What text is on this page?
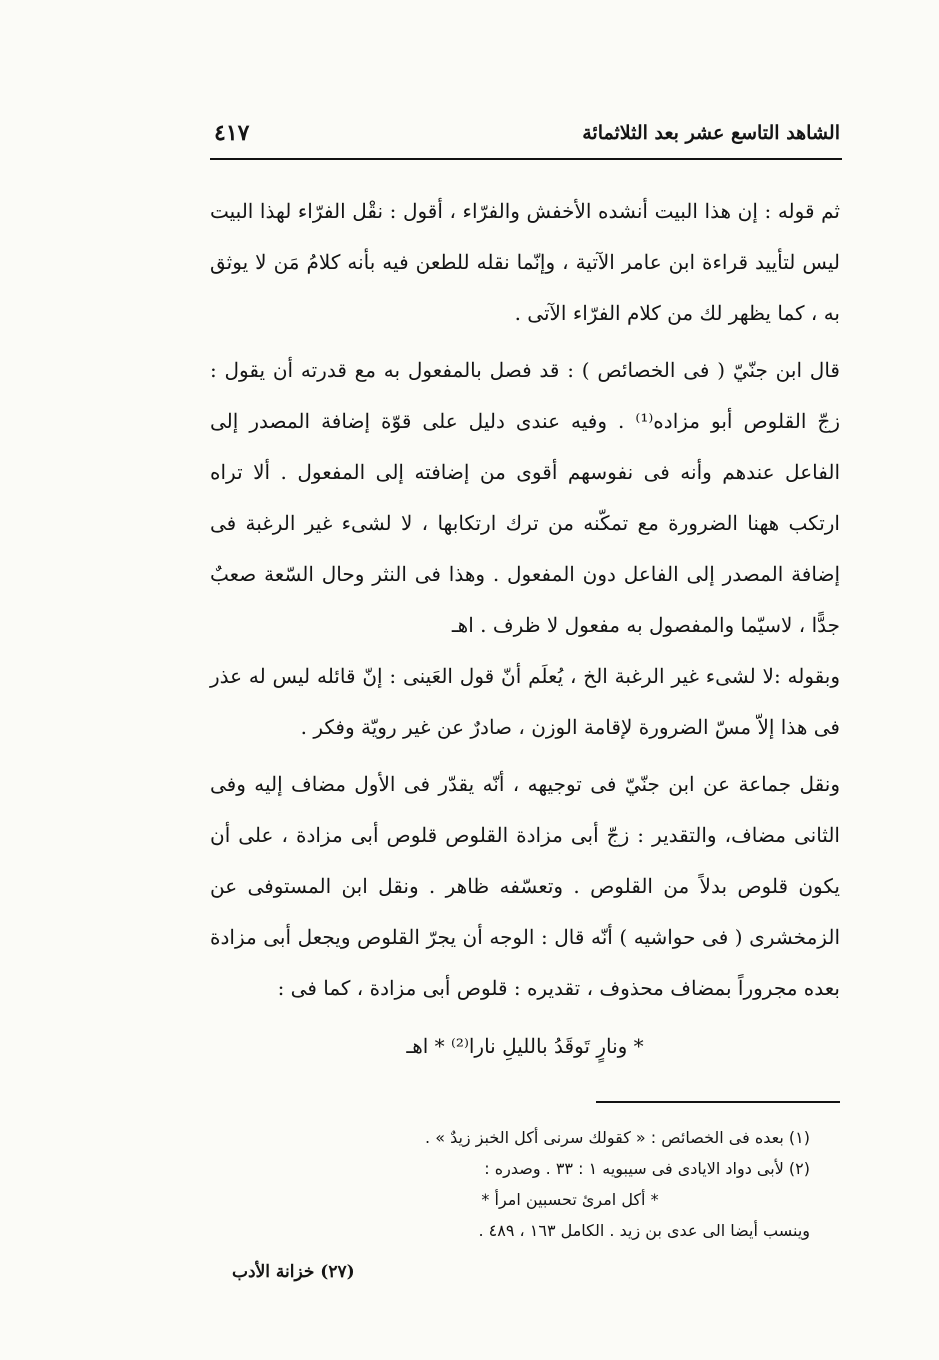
الشاهد التاسع عشر بعد الثلاثمائة
٤١٧

ثم قوله : إن هذا البيت أنشده الأخفش والفرّاء ، أقول : نقْل الفرّاء لهذا البيت ليس لتأييد قراءة ابن عامر الآتية ، وإنّما نقله للطعن فيه بأنه كلامُ مَن لا يوثق به ، كما يظهر لك من كلام الفرّاء الآتى .

قال ابن جنّيّ ( فى الخصائص ) : قد فصل بالمفعول به مع قدرته أن يقول : زجّ القلوص أبو مزاده⁽¹⁾ . وفيه عندى دليل على قوّة إضافة المصدر إلى الفاعل عندهم وأنه فى نفوسهم أقوى من إضافته إلى المفعول . ألا تراه ارتكب ههنا الضرورة مع تمكّنه من ترك ارتكابها ، لا لشىء غير الرغبة فى إضافة المصدر إلى الفاعل دون المفعول . وهذا فى النثر وحال السّعة صعبٌ جدًّا ، لاسيّما والمفصول به مفعول لا ظرف . اهـ

وبقوله :لا لشىء غير الرغبة الخ ، يُعلَم أنّ قول العَينى : إنّ قائله ليس له عذر فى هذا إلاّ مسّ الضرورة لإقامة الوزن ، صادرٌ عن غير رويّة وفكر .

ونقل جماعة عن ابن جنّيّ فى توجيهه ، أنّه يقدّر فى الأول مضاف إليه وفى الثانى مضاف، والتقدير : زجّ أبى مزادة القلوص قلوص أبى مزادة ، على أن يكون قلوص بدلاً من القلوص . وتعسّفه ظاهر . ونقل ابن المستوفى عن الزمخشرى ( فى حواشيه ) أنّه قال : الوجه أن يجرّ القلوص ويجعل أبى مزادة بعده مجروراً بمضاف محذوف ، تقديره : قلوص أبى مزادة ، كما فى :

* ونارٍ تَوقَدُ بالليلِ نارا⁽²⁾ * اهـ

(١) بعده فى الخصائص : « كقولك سرنى أكل الخبز زيدٌ » .

(٢) لأبى دواد الايادى فى سيبويه ١ : ٣٣ . وصدره :

* أكل امرئ تحسبين امرأ *

وينسب أيضا الى عدى بن زيد . الكامل ١٦٣ ، ٤٨٩ .

(٢٧) خزانة الأدب
